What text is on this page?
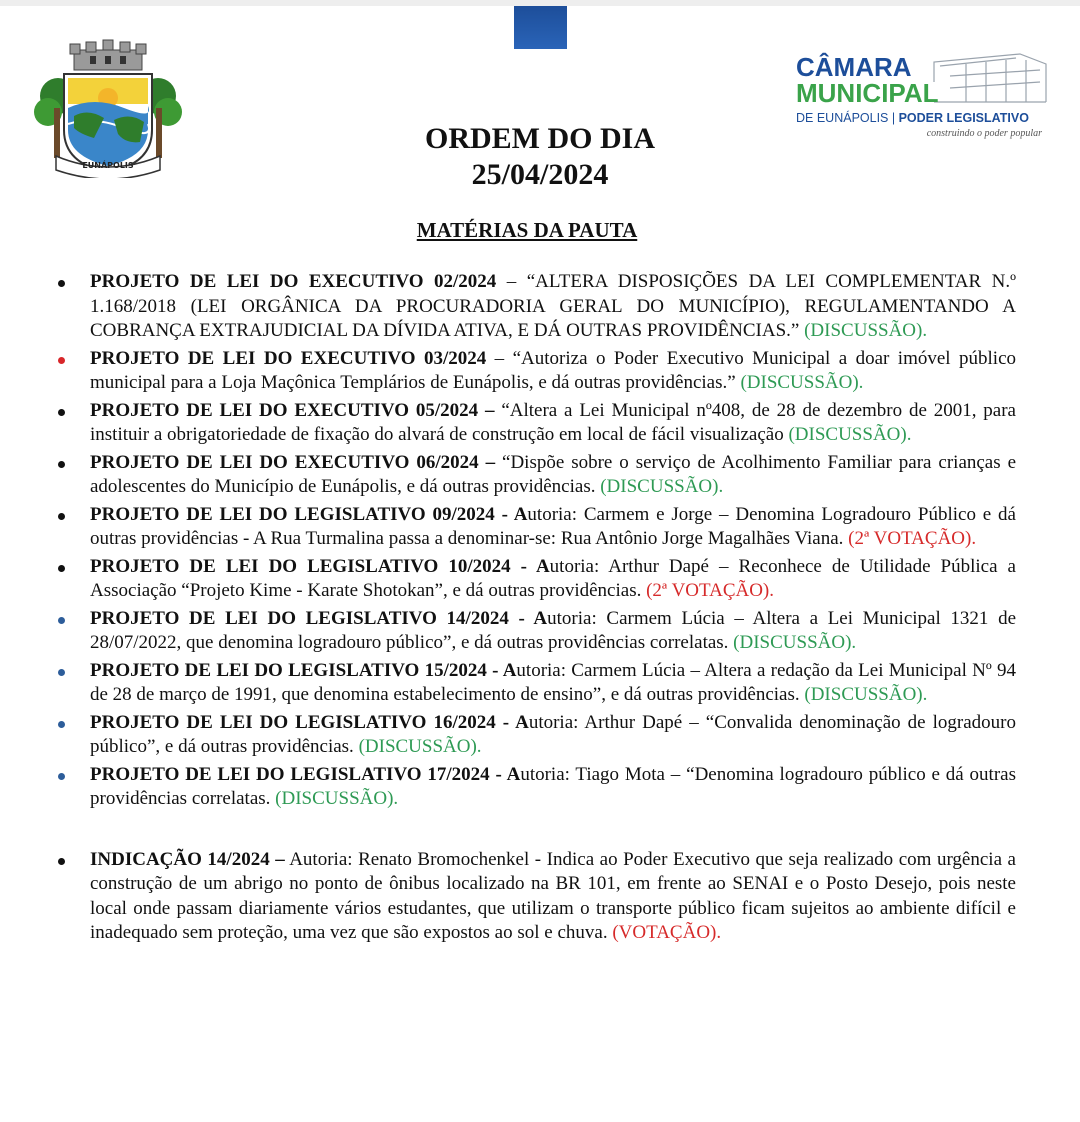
EUNÁPOLIS
CÂMARA
MUNICIPAL
DE EUNÁPOLIS | PODER LEGISLATIVO
construindo o poder popular
ORDEM DO DIA
25/04/2024
MATÉRIAS DA PAUTA
PROJETO DE LEI DO EXECUTIVO 02/2024 – “ALTERA DISPOSIÇÕES DA LEI COMPLEMENTAR N.º 1.168/2018 (LEI ORGÂNICA DA PROCURADORIA GERAL DO MUNICÍPIO), REGULAMENTANDO A COBRANÇA EXTRAJUDICIAL DA DÍVIDA ATIVA, E DÁ OUTRAS PROVIDÊNCIAS.” (DISCUSSÃO).
PROJETO DE LEI DO EXECUTIVO 03/2024 – “Autoriza o Poder Executivo Municipal a doar imóvel público municipal para a Loja Maçônica Templários de Eunápolis, e dá outras providências.” (DISCUSSÃO).
PROJETO DE LEI DO EXECUTIVO 05/2024 – “Altera a Lei Municipal nº408, de 28 de dezembro de 2001, para instituir a obrigatoriedade de fixação do alvará de construção em local de fácil visualização (DISCUSSÃO).
PROJETO DE LEI DO EXECUTIVO 06/2024 – “Dispõe sobre o serviço de Acolhimento Familiar para crianças e adolescentes do Município de Eunápolis, e dá outras providências. (DISCUSSÃO).
PROJETO DE LEI DO LEGISLATIVO 09/2024 - Autoria: Carmem e Jorge – Denomina Logradouro Público e dá outras providências - A Rua Turmalina passa a denominar-se: Rua Antônio Jorge Magalhães Viana. (2ª VOTAÇÃO).
PROJETO DE LEI DO LEGISLATIVO 10/2024 - Autoria: Arthur Dapé – Reconhece de Utilidade Pública a Associação “Projeto Kime - Karate Shotokan”, e dá outras providências. (2ª VOTAÇÃO).
PROJETO DE LEI DO LEGISLATIVO 14/2024 - Autoria: Carmem Lúcia – Altera a Lei Municipal 1321 de 28/07/2022, que denomina logradouro público”, e dá outras providências correlatas. (DISCUSSÃO).
PROJETO DE LEI DO LEGISLATIVO 15/2024 - Autoria: Carmem Lúcia – Altera a redação da Lei Municipal Nº 94 de 28 de março de 1991, que denomina estabelecimento de ensino”, e dá outras providências. (DISCUSSÃO).
PROJETO DE LEI DO LEGISLATIVO 16/2024 - Autoria: Arthur Dapé – “Convalida denominação de logradouro público”, e dá outras providências. (DISCUSSÃO).
PROJETO DE LEI DO LEGISLATIVO 17/2024 - Autoria: Tiago Mota – “Denomina logradouro público e dá outras providências correlatas. (DISCUSSÃO).
INDICAÇÃO 14/2024 – Autoria: Renato Bromochenkel - Indica ao Poder Executivo que seja realizado com urgência a construção de um abrigo no ponto de ônibus localizado na BR 101, em frente ao SENAI e o Posto Desejo, pois neste local onde passam diariamente vários estudantes, que utilizam o transporte público ficam sujeitos ao ambiente difícil e inadequado sem proteção, uma vez que são expostos ao sol e chuva. (VOTAÇÃO).
